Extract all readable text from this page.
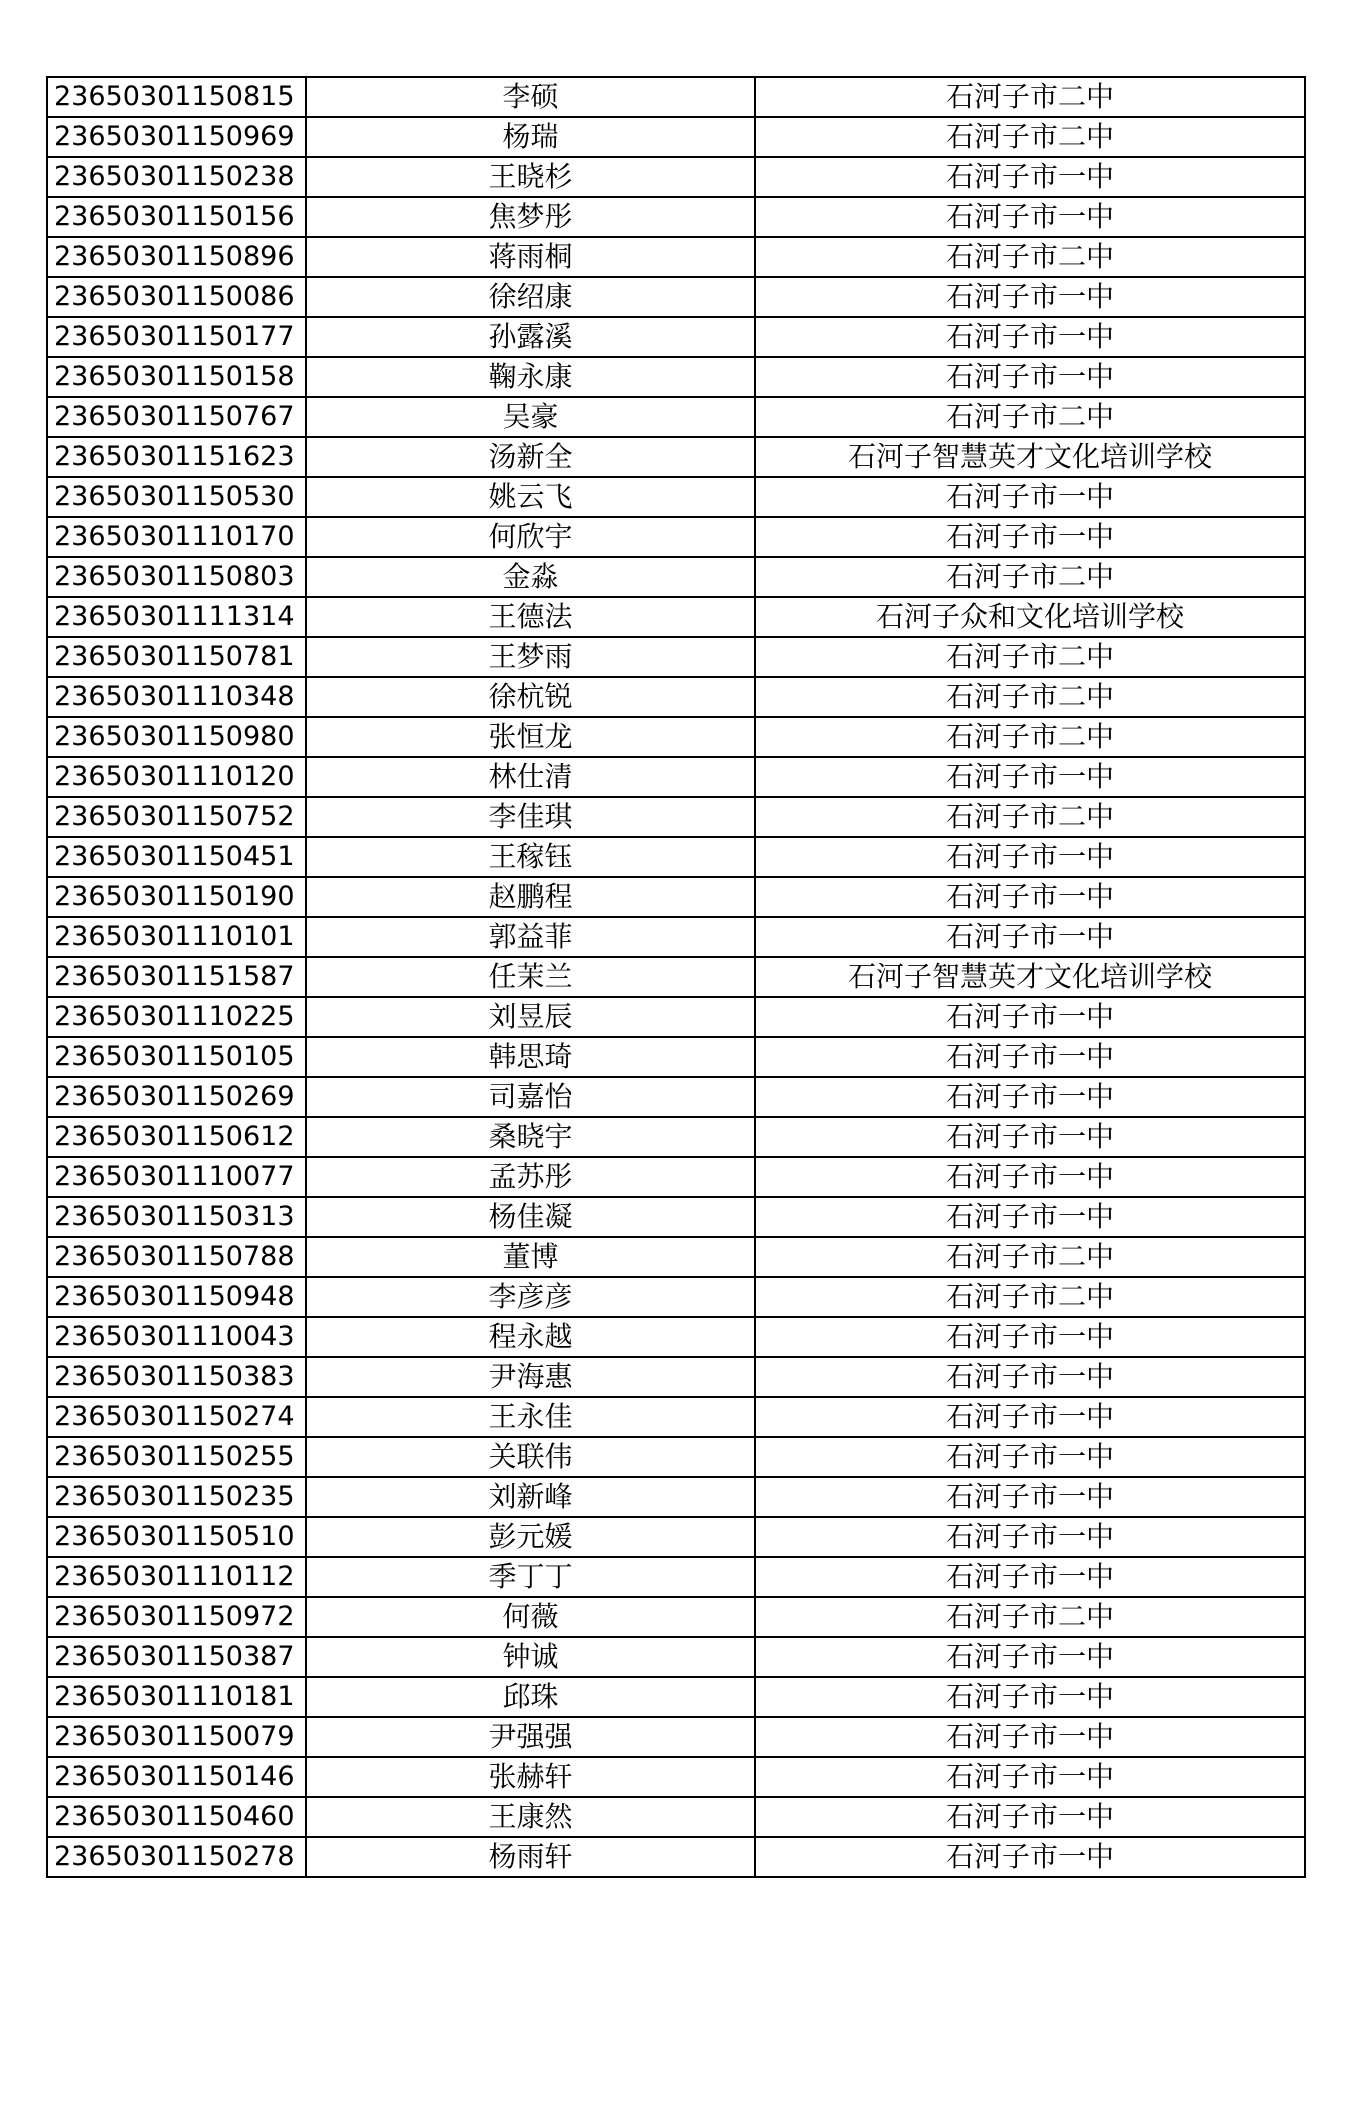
23650301150815	李硕	石河子市二中
23650301150969	杨瑞	石河子市二中
23650301150238	王晓杉	石河子市一中
23650301150156	焦梦彤	石河子市一中
23650301150896	蒋雨桐	石河子市二中
23650301150086	徐绍康	石河子市一中
23650301150177	孙露溪	石河子市一中
23650301150158	鞠永康	石河子市一中
23650301150767	吴豪	石河子市二中
23650301151623	汤新全	石河子智慧英才文化培训学校
23650301150530	姚云飞	石河子市一中
23650301110170	何欣宇	石河子市一中
23650301150803	金淼	石河子市二中
23650301111314	王德法	石河子众和文化培训学校
23650301150781	王梦雨	石河子市二中
23650301110348	徐杭锐	石河子市二中
23650301150980	张恒龙	石河子市二中
23650301110120	林仕清	石河子市一中
23650301150752	李佳琪	石河子市二中
23650301150451	王稼钰	石河子市一中
23650301150190	赵鹏程	石河子市一中
23650301110101	郭益菲	石河子市一中
23650301151587	任茉兰	石河子智慧英才文化培训学校
23650301110225	刘昱辰	石河子市一中
23650301150105	韩思琦	石河子市一中
23650301150269	司嘉怡	石河子市一中
23650301150612	桑晓宇	石河子市一中
23650301110077	孟苏彤	石河子市一中
23650301150313	杨佳凝	石河子市一中
23650301150788	董博	石河子市二中
23650301150948	李彦彦	石河子市二中
23650301110043	程永越	石河子市一中
23650301150383	尹海惠	石河子市一中
23650301150274	王永佳	石河子市一中
23650301150255	关联伟	石河子市一中
23650301150235	刘新峰	石河子市一中
23650301150510	彭元媛	石河子市一中
23650301110112	季丁丁	石河子市一中
23650301150972	何薇	石河子市二中
23650301150387	钟诚	石河子市一中
23650301110181	邱珠	石河子市一中
23650301150079	尹强强	石河子市一中
23650301150146	张赫轩	石河子市一中
23650301150460	王康然	石河子市一中
23650301150278	杨雨轩	石河子市一中
